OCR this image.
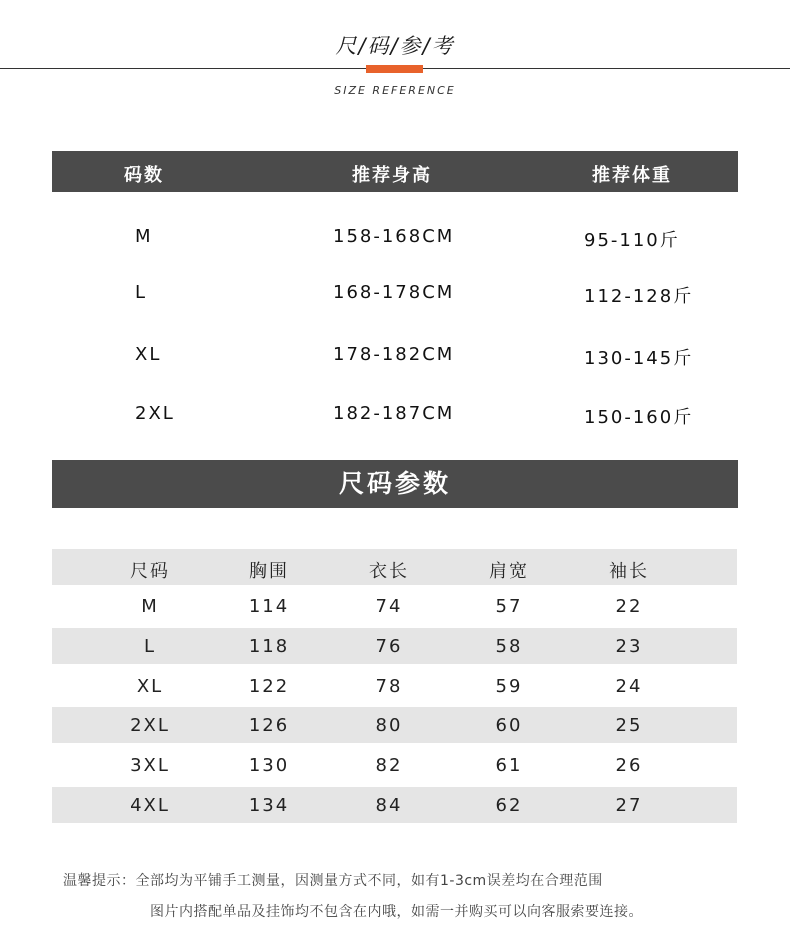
尺/码/参/考
SIZE REFERENCE
码数	推荐身高	推荐体重
M	158-168CM	95-110斤
L	168-178CM	112-128斤
XL	178-182CM	130-145斤
2XL	182-187CM	150-160斤
尺码参数
尺码	胸围	衣长	肩宽	袖长
M	114	74	57	22
L	118	76	58	23
XL	122	78	59	24
2XL	126	80	60	25
3XL	130	82	61	26
4XL	134	84	62	27
温馨提示：全部均为平铺手工测量，因测量方式不同，如有1-3cm误差均在合理范围
图片内搭配单品及挂饰均不包含在内哦，如需一并购买可以向客服索要连接。
